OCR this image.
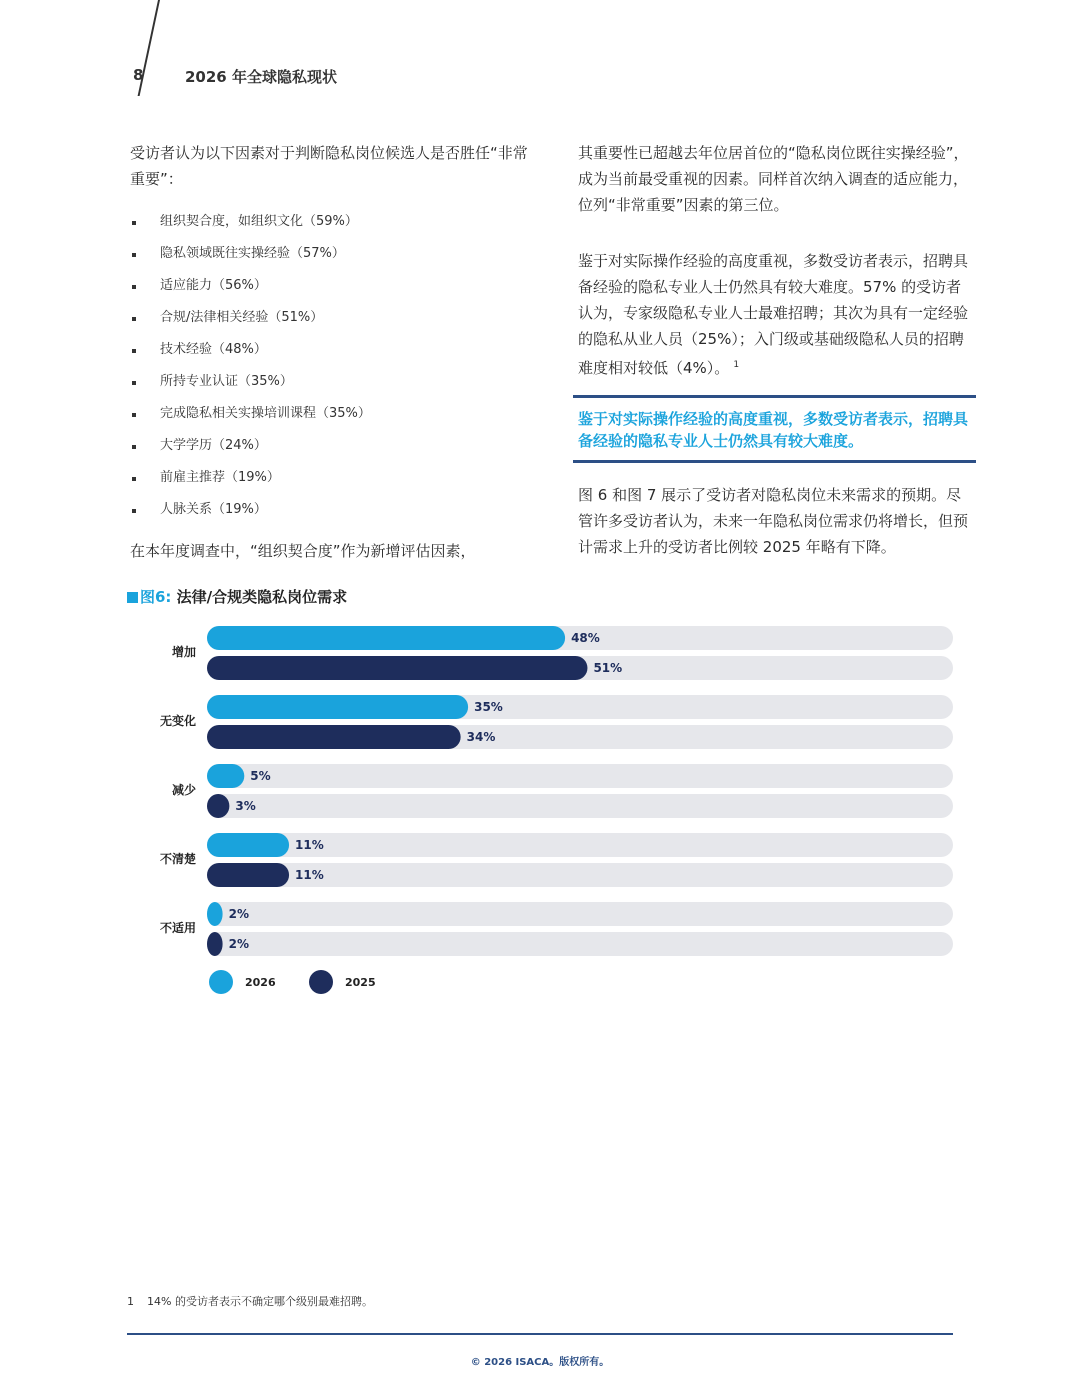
8	2026 年全球隐私现状
受访者认为以下因素对于判断隐私岗位候选人是否胜任“非常重要”：
组织契合度，如组织文化（59%）
隐私领域既往实操经验（57%）
适应能力（56%）
合规/法律相关经验（51%）
技术经验（48%）
所持专业认证（35%）
完成隐私相关实操培训课程（35%）
大学学历（24%）
前雇主推荐（19%）
人脉关系（19%）
在本年度调查中，“组织契合度”作为新增评估因素，
其重要性已超越去年位居首位的“隐私岗位既往实操经验”，成为当前最受重视的因素。同样首次纳入调查的适应能力，位列“非常重要”因素的第三位。
鉴于对实际操作经验的高度重视，多数受访者表示，招聘具备经验的隐私专业人士仍然具有较大难度。57% 的受访者认为，专家级隐私专业人士最难招聘；其次为具有一定经验的隐私从业人员（25%）；入门级或基础级隐私人员的招聘难度相对较低（4%）。 $^1$
鉴于对实际操作经验的高度重视，多数受访者表示，招聘具备经验的隐私专业人士仍然具有较大难度。
图 6 和图 7 展示了受访者对隐私岗位未来需求的预期。尽管许多受访者认为，未来一年隐私岗位需求仍将增长，但预计需求上升的受访者比例较 2025 年略有下降。
图6: 法律/合规类隐私岗位需求
增加
48%
51%
无变化
35%
34%
减少
5%
3%
不清楚
11%
11%
不适用
2%
2%
2026	2025
1 14% 的受访者表示不确定哪个级别最难招聘。
© 2026 ISACA。版权所有。
